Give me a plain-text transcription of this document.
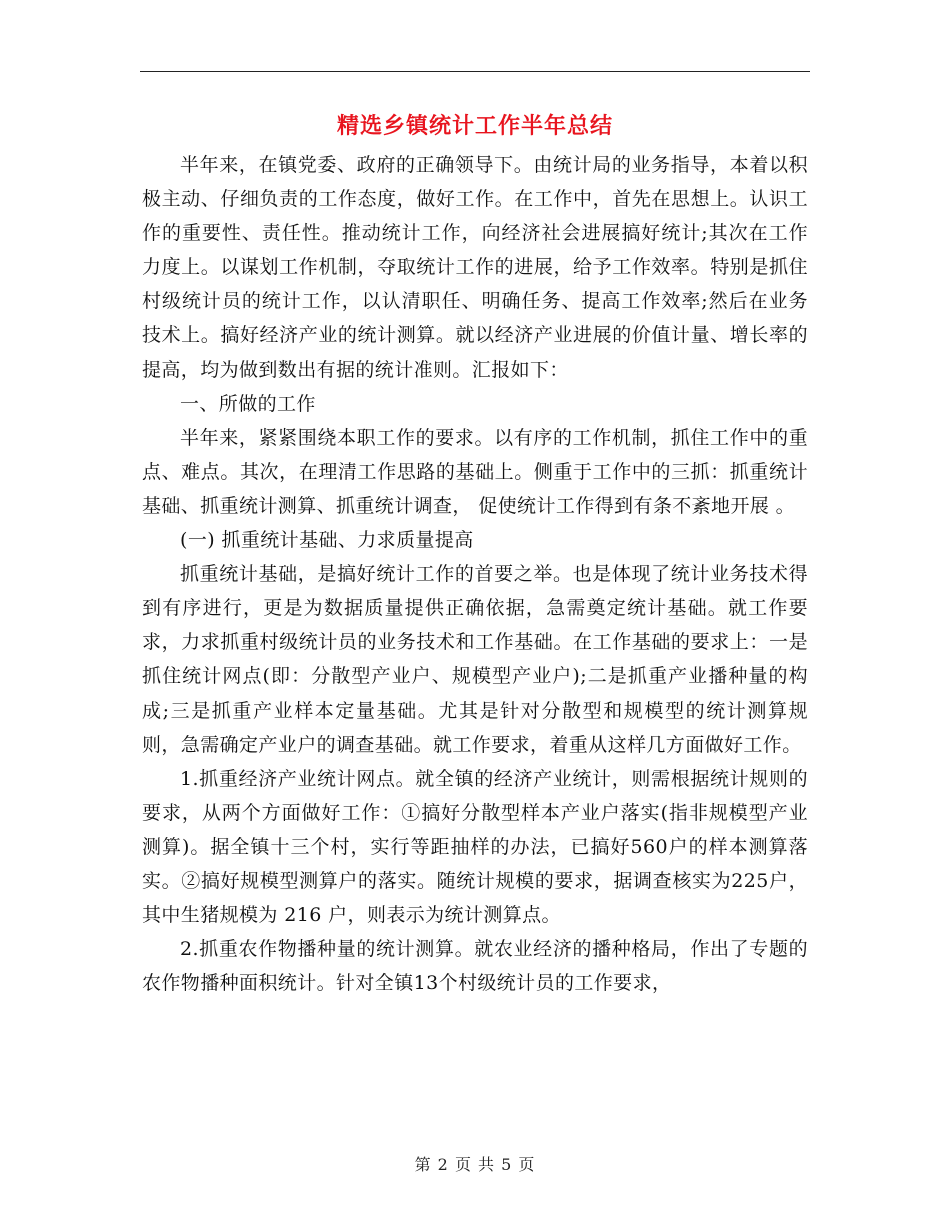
精选乡镇统计工作半年总结

半年来，在镇党委、政府的正确领导下。由统计局的业务指导，本着以积极主动、仔细负责的工作态度，做好工作。在工作中，首先在思想上。认识工作的重要性、责任性。推动统计工作，向经济社会进展搞好统计;其次在工作力度上。以谋划工作机制，夺取统计工作的进展，给予工作效率。特别是抓住村级统计员的统计工作，以认清职任、明确任务、提高工作效率;然后在业务技术上。搞好经济产业的统计测算。就以经济产业进展的价值计量、增长率的提高，均为做到数出有据的统计准则。汇报如下：

一、所做的工作

半年来，紧紧围绕本职工作的要求。以有序的工作机制，抓住工作中的重点、难点。其次，在理清工作思路的基础上。侧重于工作中的三抓：抓重统计基础、抓重统计测算、抓重统计调查， 促使统计工作得到有条不紊地开展 。

(一) 抓重统计基础、力求质量提高

抓重统计基础，是搞好统计工作的首要之举。也是体现了统计业务技术得到有序进行，更是为数据质量提供正确依据，急需奠定统计基础。就工作要求，力求抓重村级统计员的业务技术和工作基础。在工作基础的要求上：一是抓住统计网点(即：分散型产业户、规模型产业户);二是抓重产业播种量的构成;三是抓重产业样本定量基础。尤其是针对分散型和规模型的统计测算规则，急需确定产业户的调查基础。就工作要求，着重从这样几方面做好工作。

1.抓重经济产业统计网点。就全镇的经济产业统计，则需根据统计规则的要求，从两个方面做好工作：①搞好分散型样本产业户落实(指非规模型产业测算)。据全镇十三个村，实行等距抽样的办法，已搞好560户的样本测算落实。②搞好规模型测算户的落实。随统计规模的要求，据调查核实为225户，其中生猪规模为 216 户，则表示为统计测算点。

2.抓重农作物播种量的统计测算。就农业经济的播种格局，作出了专题的农作物播种面积统计。针对全镇13个村级统计员的工作要求，

第 2 页 共 5 页
